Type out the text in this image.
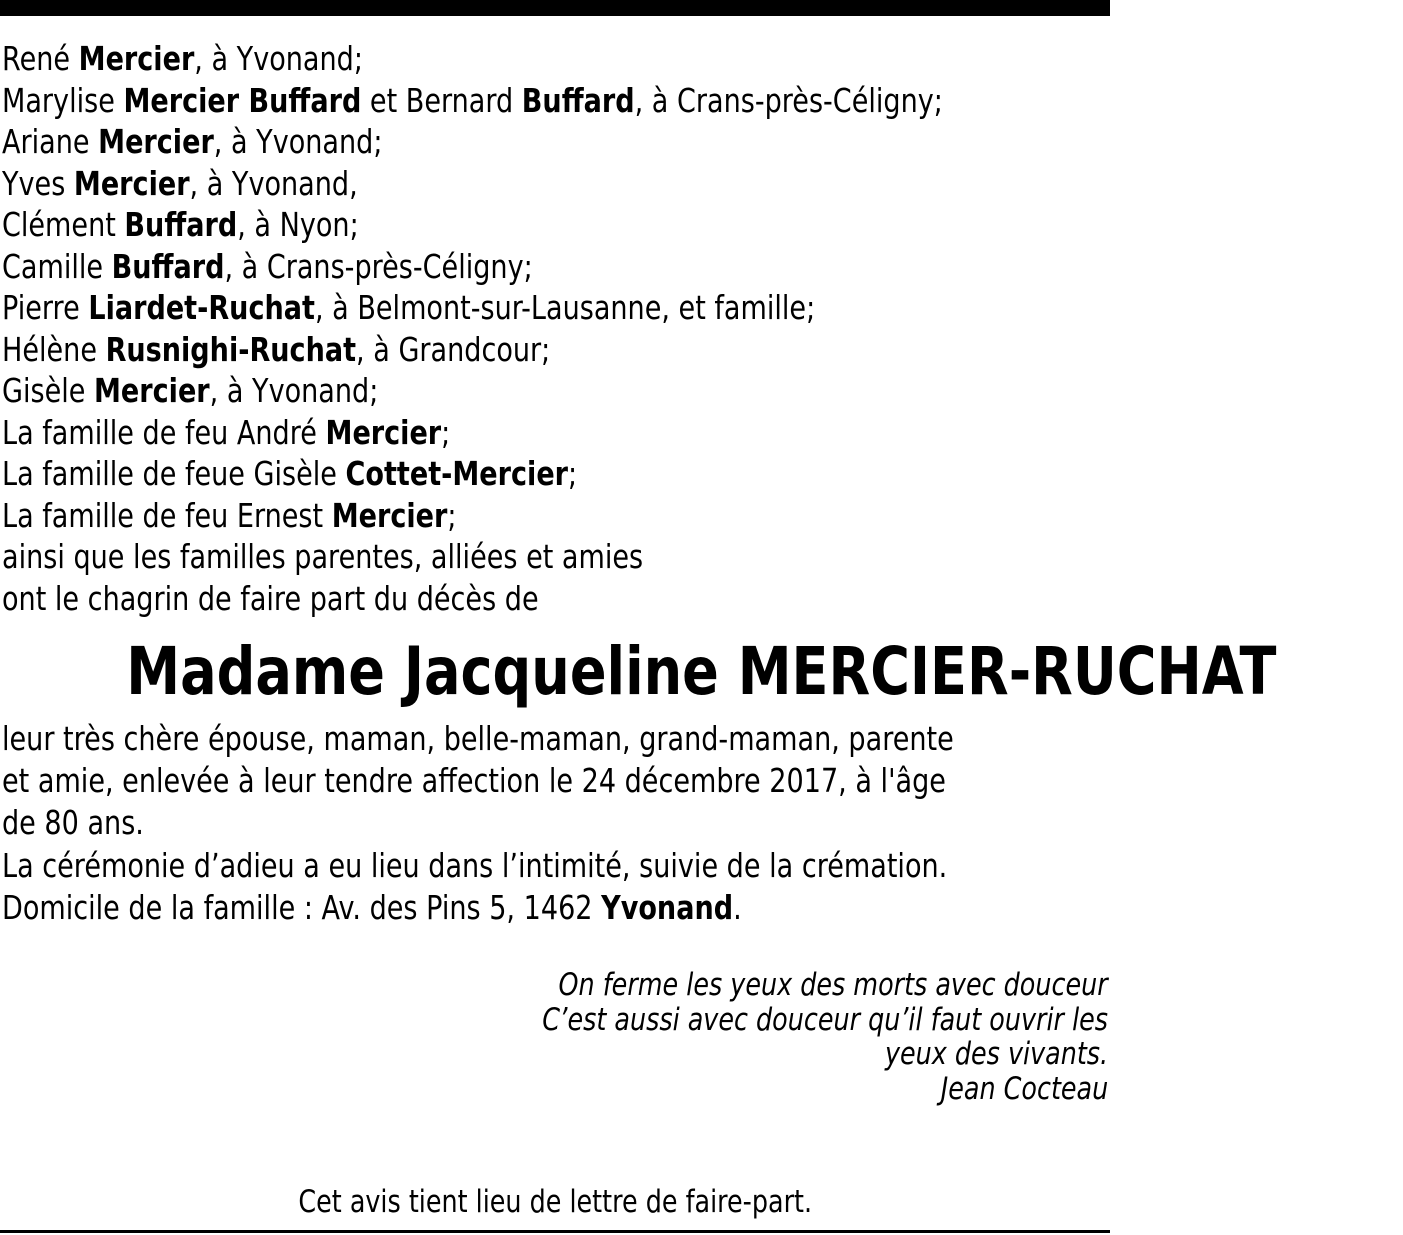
René Mercier, à Yvonand;
Marylise Mercier Buffard et Bernard Buffard, à Crans-près-Céligny;
Ariane Mercier, à Yvonand;
Yves Mercier, à Yvonand,
Clément Buffard, à Nyon;
Camille Buffard, à Crans-près-Céligny;
Pierre Liardet-Ruchat, à Belmont-sur-Lausanne, et famille;
Hélène Rusnighi-Ruchat, à Grandcour;
Gisèle Mercier, à Yvonand;
La famille de feu André Mercier;
La famille de feue Gisèle Cottet-Mercier;
La famille de feu Ernest Mercier;
ainsi que les familles parentes, alliées et amies
ont le chagrin de faire part du décès de
Madame Jacqueline MERCIER-RUCHAT
leur très chère épouse, maman, belle-maman, grand-maman, parente
et amie, enlevée à leur tendre affection le 24 décembre 2017, à l'âge
de 80 ans.
La cérémonie d’adieu a eu lieu dans l’intimité, suivie de la crémation.
Domicile de la famille : Av. des Pins 5, 1462 Yvonand.
On ferme les yeux des morts avec douceur
C’est aussi avec douceur qu’il faut ouvrir les
yeux des vivants.
Jean Cocteau
Cet avis tient lieu de lettre de faire-part.
